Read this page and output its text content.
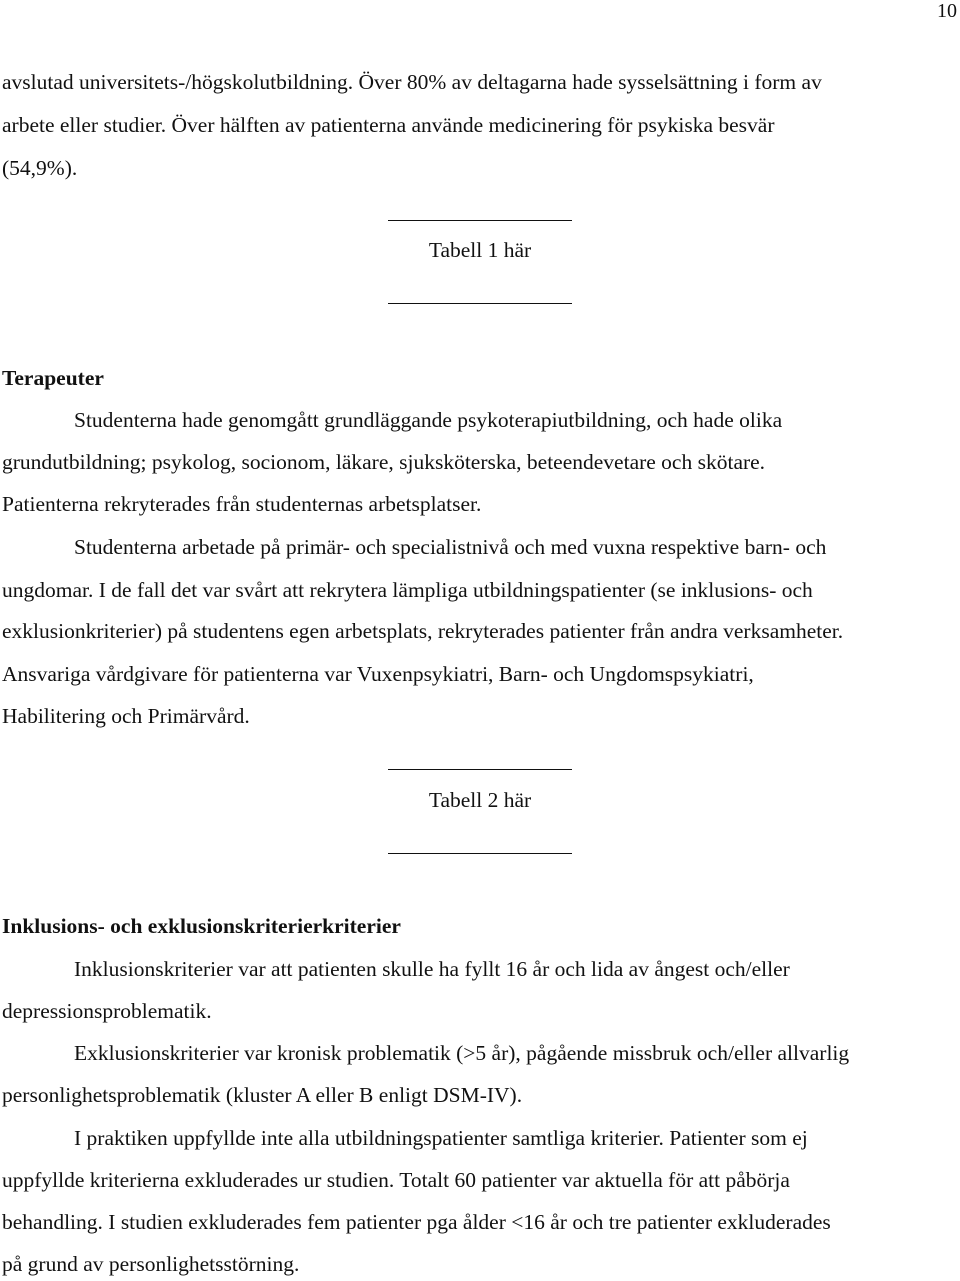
10
avslutad universitets-/högskolutbildning. Över 80% av deltagarna hade sysselsättning i form av
arbete eller studier. Över hälften av patienterna använde medicinering för psykiska besvär
(54,9%).
Tabell 1 här
Terapeuter
Studenterna hade genomgått grundläggande psykoterapiutbildning, och hade olika
grundutbildning; psykolog, socionom, läkare, sjuksköterska, beteendevetare och skötare.
Patienterna rekryterades från studenternas arbetsplatser.
Studenterna arbetade på primär- och specialistnivå och med vuxna respektive barn- och
ungdomar. I de fall det var svårt att rekrytera lämpliga utbildningspatienter (se inklusions- och
exklusionkriterier) på studentens egen arbetsplats, rekryterades patienter från andra verksamheter.
Ansvariga vårdgivare för patienterna var Vuxenpsykiatri, Barn- och Ungdomspsykiatri,
Habilitering och Primärvård.
Tabell 2 här
Inklusions- och exklusionskriterierkriterier
Inklusionskriterier var att patienten skulle ha fyllt 16 år och lida av ångest och/eller
depressionsproblematik.
Exklusionskriterier var kronisk problematik (>5 år), pågående missbruk och/eller allvarlig
personlighetsproblematik (kluster A eller B enligt DSM-IV).
I praktiken uppfyllde inte alla utbildningspatienter samtliga kriterier. Patienter som ej
uppfyllde kriterierna exkluderades ur studien. Totalt 60 patienter var aktuella för att påbörja
behandling. I studien exkluderades fem patienter pga ålder <16 år och tre patienter exkluderades
på grund av personlighetsstörning.
